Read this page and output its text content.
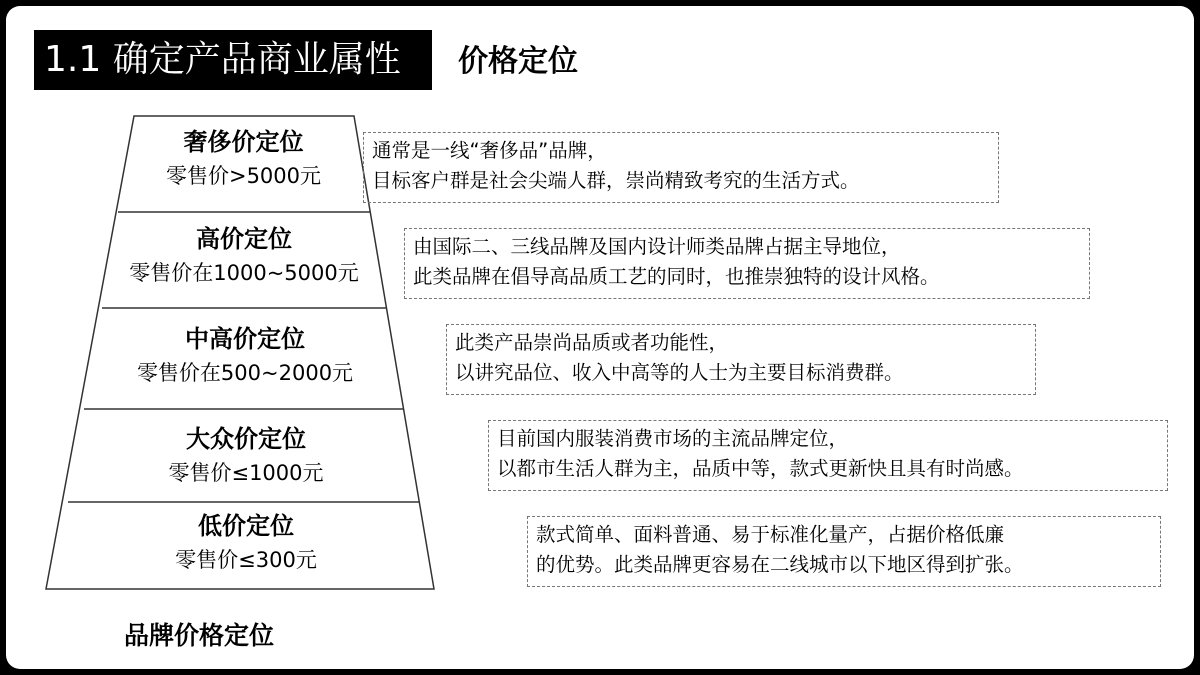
1.1 确定产品商业属性	价格定位
奢侈价定位
零售价>5000元
高价定位
零售价在1000~5000元
中高价定位
零售价在500~2000元
大众价定位
零售价≤1000元
低价定位
零售价≤300元
通常是一线“奢侈品”品牌，
目标客户群是社会尖端人群，崇尚精致考究的生活方式。
由国际二、三线品牌及国内设计师类品牌占据主导地位，
此类品牌在倡导高品质工艺的同时，也推崇独特的设计风格。
此类产品崇尚品质或者功能性，
以讲究品位、收入中高等的人士为主要目标消费群。
目前国内服装消费市场的主流品牌定位，
以都市生活人群为主，品质中等，款式更新快且具有时尚感。
款式简单、面料普通、易于标准化量产，占据价格低廉
的优势。此类品牌更容易在二线城市以下地区得到扩张。
品牌价格定位
